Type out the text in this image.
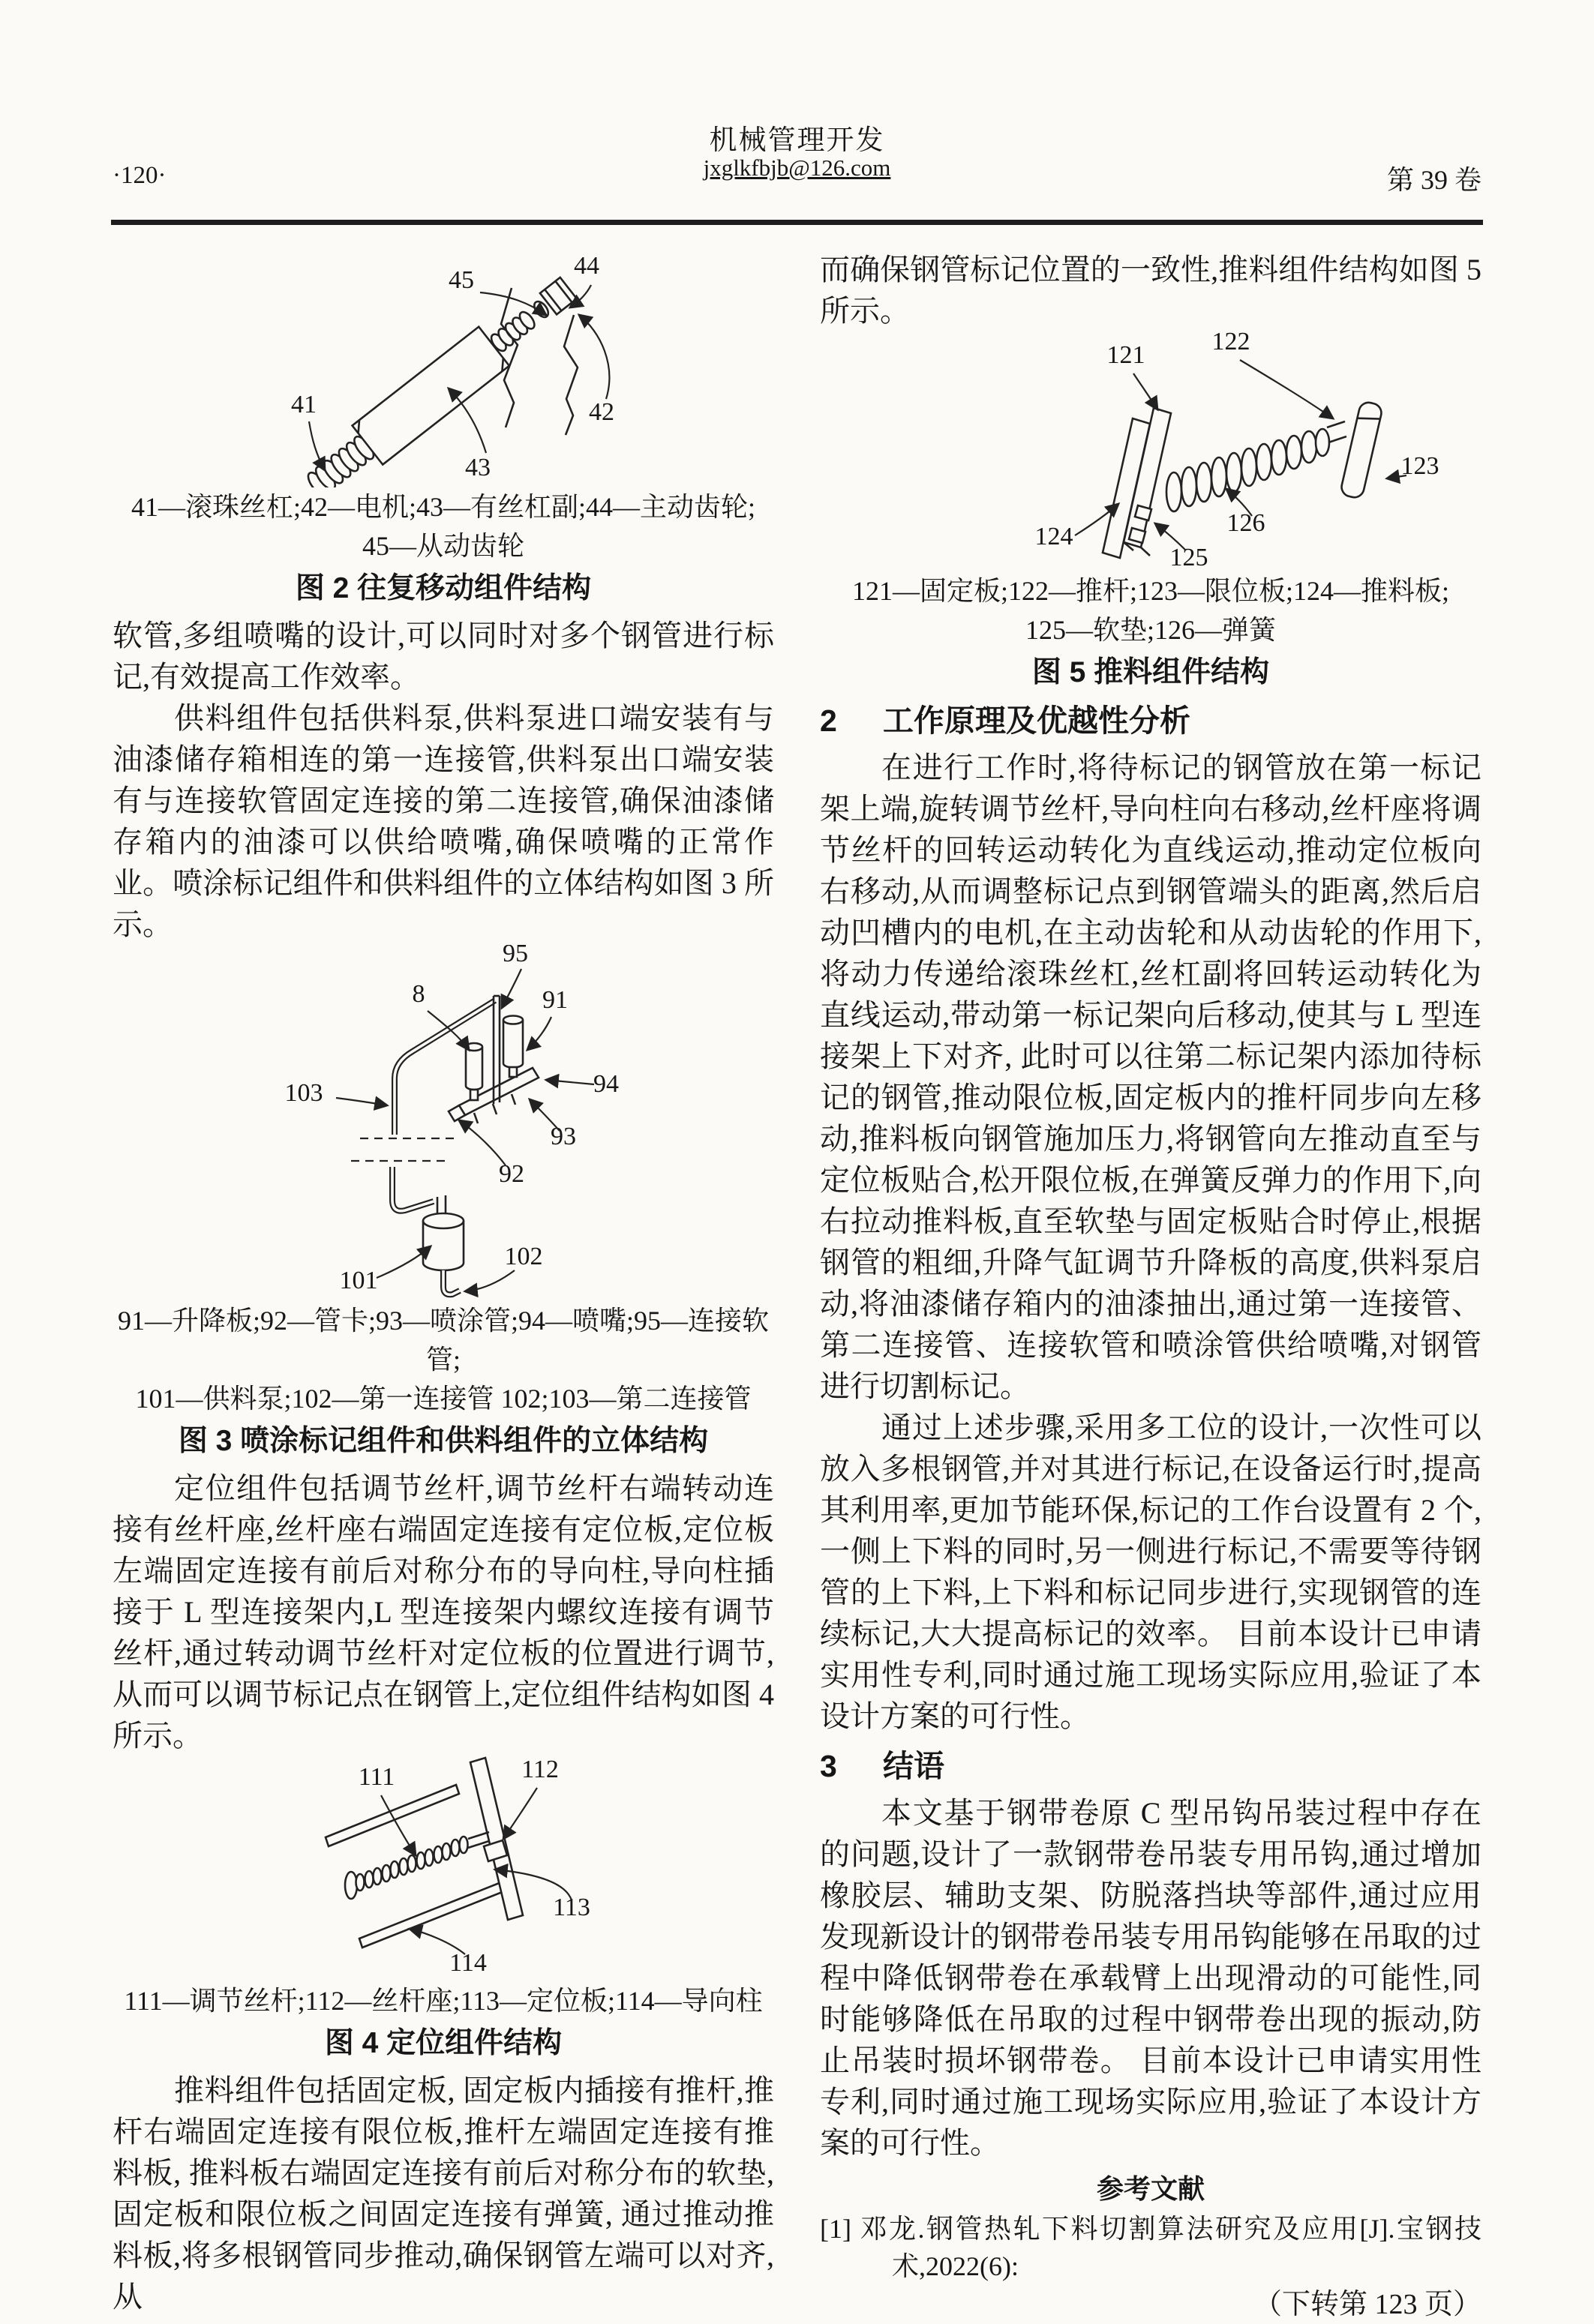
机械管理开发
jxglkfbjb@126.com
·120·	第 39 卷
45
44
42
41
43

41—滚珠丝杠;42—电机;43—有丝杠副;44—主动齿轮;

45—从动齿轮

图 2 往复移动组件结构

软管,多组喷嘴的设计,可以同时对多个钢管进行标记,有效提高工作效率。

供料组件包括供料泵,供料泵进口端安装有与油漆储存箱相连的第一连接管,供料泵出口端安装有与连接软管固定连接的第二连接管,确保油漆储存箱内的油漆可以供给喷嘴,确保喷嘴的正常作业。喷涂标记组件和供料组件的立体结构如图 3 所示。

95
8	91
103	94
93
92
101
102

91—升降板;92—管卡;93—喷涂管;94—喷嘴;95—连接软管;

101—供料泵;102—第一连接管 102;103—第二连接管

图 3 喷涂标记组件和供料组件的立体结构

定位组件包括调节丝杆,调节丝杆右端转动连接有丝杆座,丝杆座右端固定连接有定位板,定位板左端固定连接有前后对称分布的导向柱,导向柱插接于 L 型连接架内,L 型连接架内螺纹连接有调节丝杆,通过转动调节丝杆对定位板的位置进行调节,从而可以调节标记点在钢管上,定位组件结构如图 4 所示。

111	112
113
114

111—调节丝杆;112—丝杆座;113—定位板;114—导向柱

图 4 定位组件结构

推料组件包括固定板, 固定板内插接有推杆,推杆右端固定连接有限位板,推杆左端固定连接有推料板, 推料板右端固定连接有前后对称分布的软垫,固定板和限位板之间固定连接有弹簧, 通过推动推料板,将多根钢管同步推动,确保钢管左端可以对齐,从

而确保钢管标记位置的一致性,推料组件结构如图 5 所示。

121	122
123
124
125
126

121—固定板;122—推杆;123—限位板;124—推料板;

125—软垫;126—弹簧

图 5 推料组件结构

2	工作原理及优越性分析

在进行工作时,将待标记的钢管放在第一标记架上端,旋转调节丝杆,导向柱向右移动,丝杆座将调节丝杆的回转运动转化为直线运动,推动定位板向右移动,从而调整标记点到钢管端头的距离,然后启动凹槽内的电机,在主动齿轮和从动齿轮的作用下,将动力传递给滚珠丝杠,丝杠副将回转运动转化为直线运动,带动第一标记架向后移动,使其与 L 型连接架上下对齐, 此时可以往第二标记架内添加待标记的钢管,推动限位板,固定板内的推杆同步向左移动,推料板向钢管施加压力,将钢管向左推动直至与定位板贴合,松开限位板,在弹簧反弹力的作用下,向右拉动推料板,直至软垫与固定板贴合时停止,根据钢管的粗细,升降气缸调节升降板的高度,供料泵启动,将油漆储存箱内的油漆抽出,通过第一连接管、第二连接管、连接软管和喷涂管供给喷嘴,对钢管进行切割标记。

通过上述步骤,采用多工位的设计,一次性可以放入多根钢管,并对其进行标记,在设备运行时,提高其利用率,更加节能环保,标记的工作台设置有 2 个,一侧上下料的同时,另一侧进行标记,不需要等待钢管的上下料,上下料和标记同步进行,实现钢管的连续标记,大大提高标记的效率。 目前本设计已申请实用性专利,同时通过施工现场实际应用,验证了本设计方案的可行性。

3	结语

本文基于钢带卷原 C 型吊钩吊装过程中存在的问题,设计了一款钢带卷吊装专用吊钩,通过增加橡胶层、辅助支架、防脱落挡块等部件,通过应用发现新设计的钢带卷吊装专用吊钩能够在吊取的过程中降低钢带卷在承载臂上出现滑动的可能性,同时能够降低在吊取的过程中钢带卷出现的振动,防止吊装时损坏钢带卷。 目前本设计已申请实用性专利,同时通过施工现场实际应用,验证了本设计方案的可行性。

参考文献

[1] 邓龙.钢管热轧下料切割算法研究及应用[J].宝钢技术,2022(6):

（下转第 123 页）
